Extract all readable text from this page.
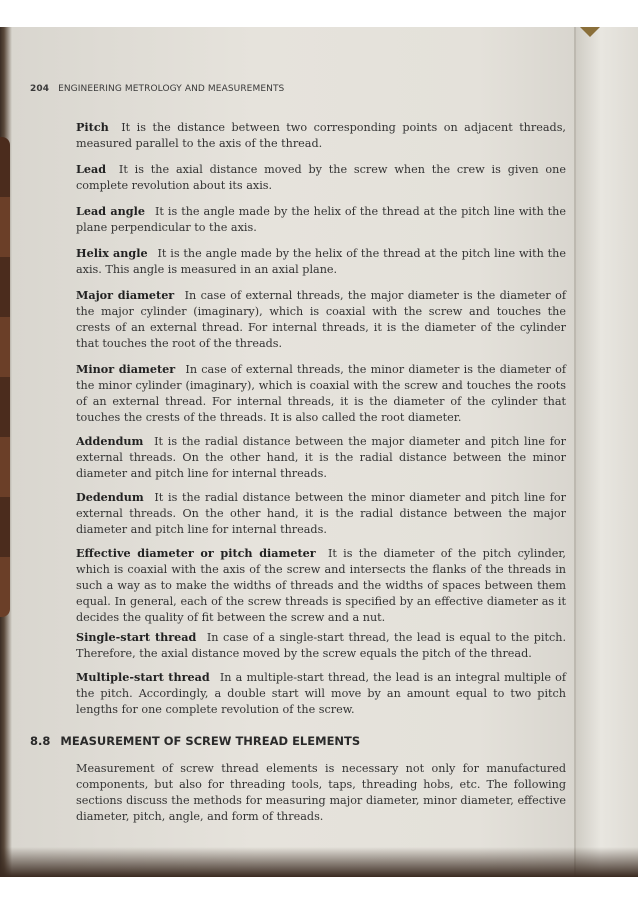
204 ENGINEERING METROLOGY AND MEASUREMENTS
Pitch It is the distance between two corresponding points on adjacent threads, measured parallel to the axis of the thread.
Lead It is the axial distance moved by the screw when the crew is given one complete revolution about its axis.
Lead angle It is the angle made by the helix of the thread at the pitch line with the plane perpendicular to the axis.
Helix angle It is the angle made by the helix of the thread at the pitch line with the axis. This angle is measured in an axial plane.
Major diameter In case of external threads, the major diameter is the diameter of the major cylinder (imaginary), which is coaxial with the screw and touches the crests of an external thread. For internal threads, it is the diameter of the cylinder that touches the root of the threads.
Minor diameter In case of external threads, the minor diameter is the diameter of the minor cylinder (imaginary), which is coaxial with the screw and touches the roots of an external thread. For internal threads, it is the diameter of the cylinder that touches the crests of the threads. It is also called the root diameter.
Addendum It is the radial distance between the major diameter and pitch line for external threads. On the other hand, it is the radial distance between the minor diameter and pitch line for internal threads.
Dedendum It is the radial distance between the minor diameter and pitch line for external threads. On the other hand, it is the radial distance between the major diameter and pitch line for internal threads.
Effective diameter or pitch diameter It is the diameter of the pitch cylinder, which is coaxial with the axis of the screw and intersects the flanks of the threads in such a way as to make the widths of threads and the widths of spaces between them equal. In general, each of the screw threads is specified by an effective diameter as it decides the quality of fit between the screw and a nut.
Single-start thread In case of a single-start thread, the lead is equal to the pitch. Therefore, the axial distance moved by the screw equals the pitch of the thread.
Multiple-start thread In a multiple-start thread, the lead is an integral multiple of the pitch. Accordingly, a double start will move by an amount equal to two pitch lengths for one complete revolution of the screw.
8.8 MEASUREMENT OF SCREW THREAD ELEMENTS
Measurement of screw thread elements is necessary not only for manufactured components, but also for threading tools, taps, threading hobs, etc. The following sections discuss the methods for measuring major diameter, minor diameter, effective diameter, pitch, angle, and form of threads.
